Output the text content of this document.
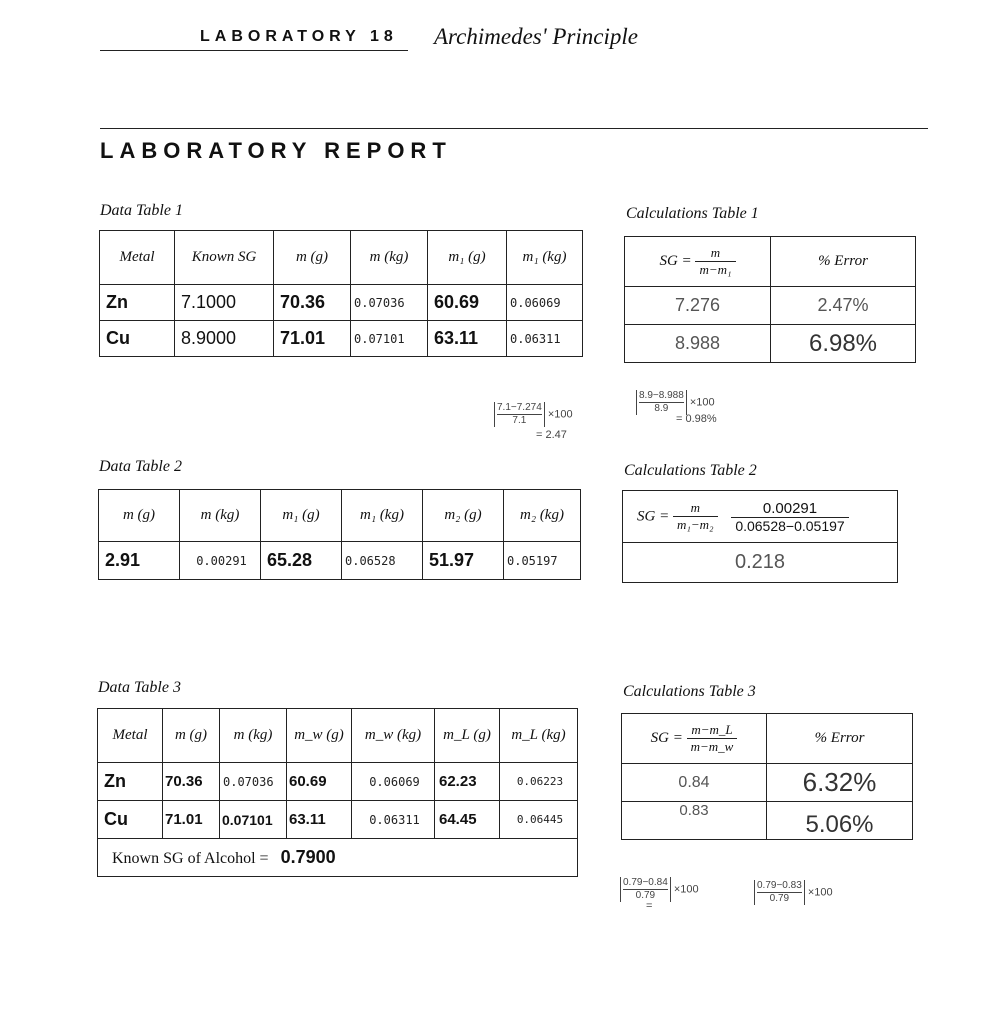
LABORATORY 18 Archimedes' Principle
LABORATORY REPORT
Data Table 1
Metal	Known SG	m (g)	m (kg)	m₁ (g)	m₁ (kg)
Zn	7.1000	70.36	0.07036	60.69	0.06069
Cu	8.9000	71.01	0.07101	63.11	0.06311
Calculations Table 1
SG = $\frac{m}{\text{m−m₁}}$	% Error
7.276	2.47%
8.988	6.98%
$\frac{7.1-7.274}{7.1} \times 100$
= 2.47
$\frac{8.9-8.988}{8.9} \times 100$
= 0.98%
Data Table 2
m (g)	m (kg)	m₁ (g)	m₁ (kg)	m₂ (g)	m₂ (kg)
2.91	0.00291	65.28	0.06528	51.97	0.05197
Calculations Table 2
SG = $\frac{m}{\text{m₁−m₂}}$
$\frac{0.00291}{0.06528-0.05197}$

0.218
Data Table 3
Metal	m (g)	m (kg)	m_w (g)	m_w (kg)	m_L (g)	m_L (kg)
Zn	70.36	0.07036	60.69	0.06069	62.23	0.06223
Cu	71.01	0.07101	63.11	0.06311	64.45	0.06445
Known SG of Alcohol = 0.7900						
Calculations Table 3
SG = $\frac{m-m\_L}{m-m\_w}$	% Error
0.84	6.32%
0.83	5.06%
$\frac{0.79-0.84}{0.79} \times 100$
=
$\frac{0.79-0.83}{0.79} \times 100$
